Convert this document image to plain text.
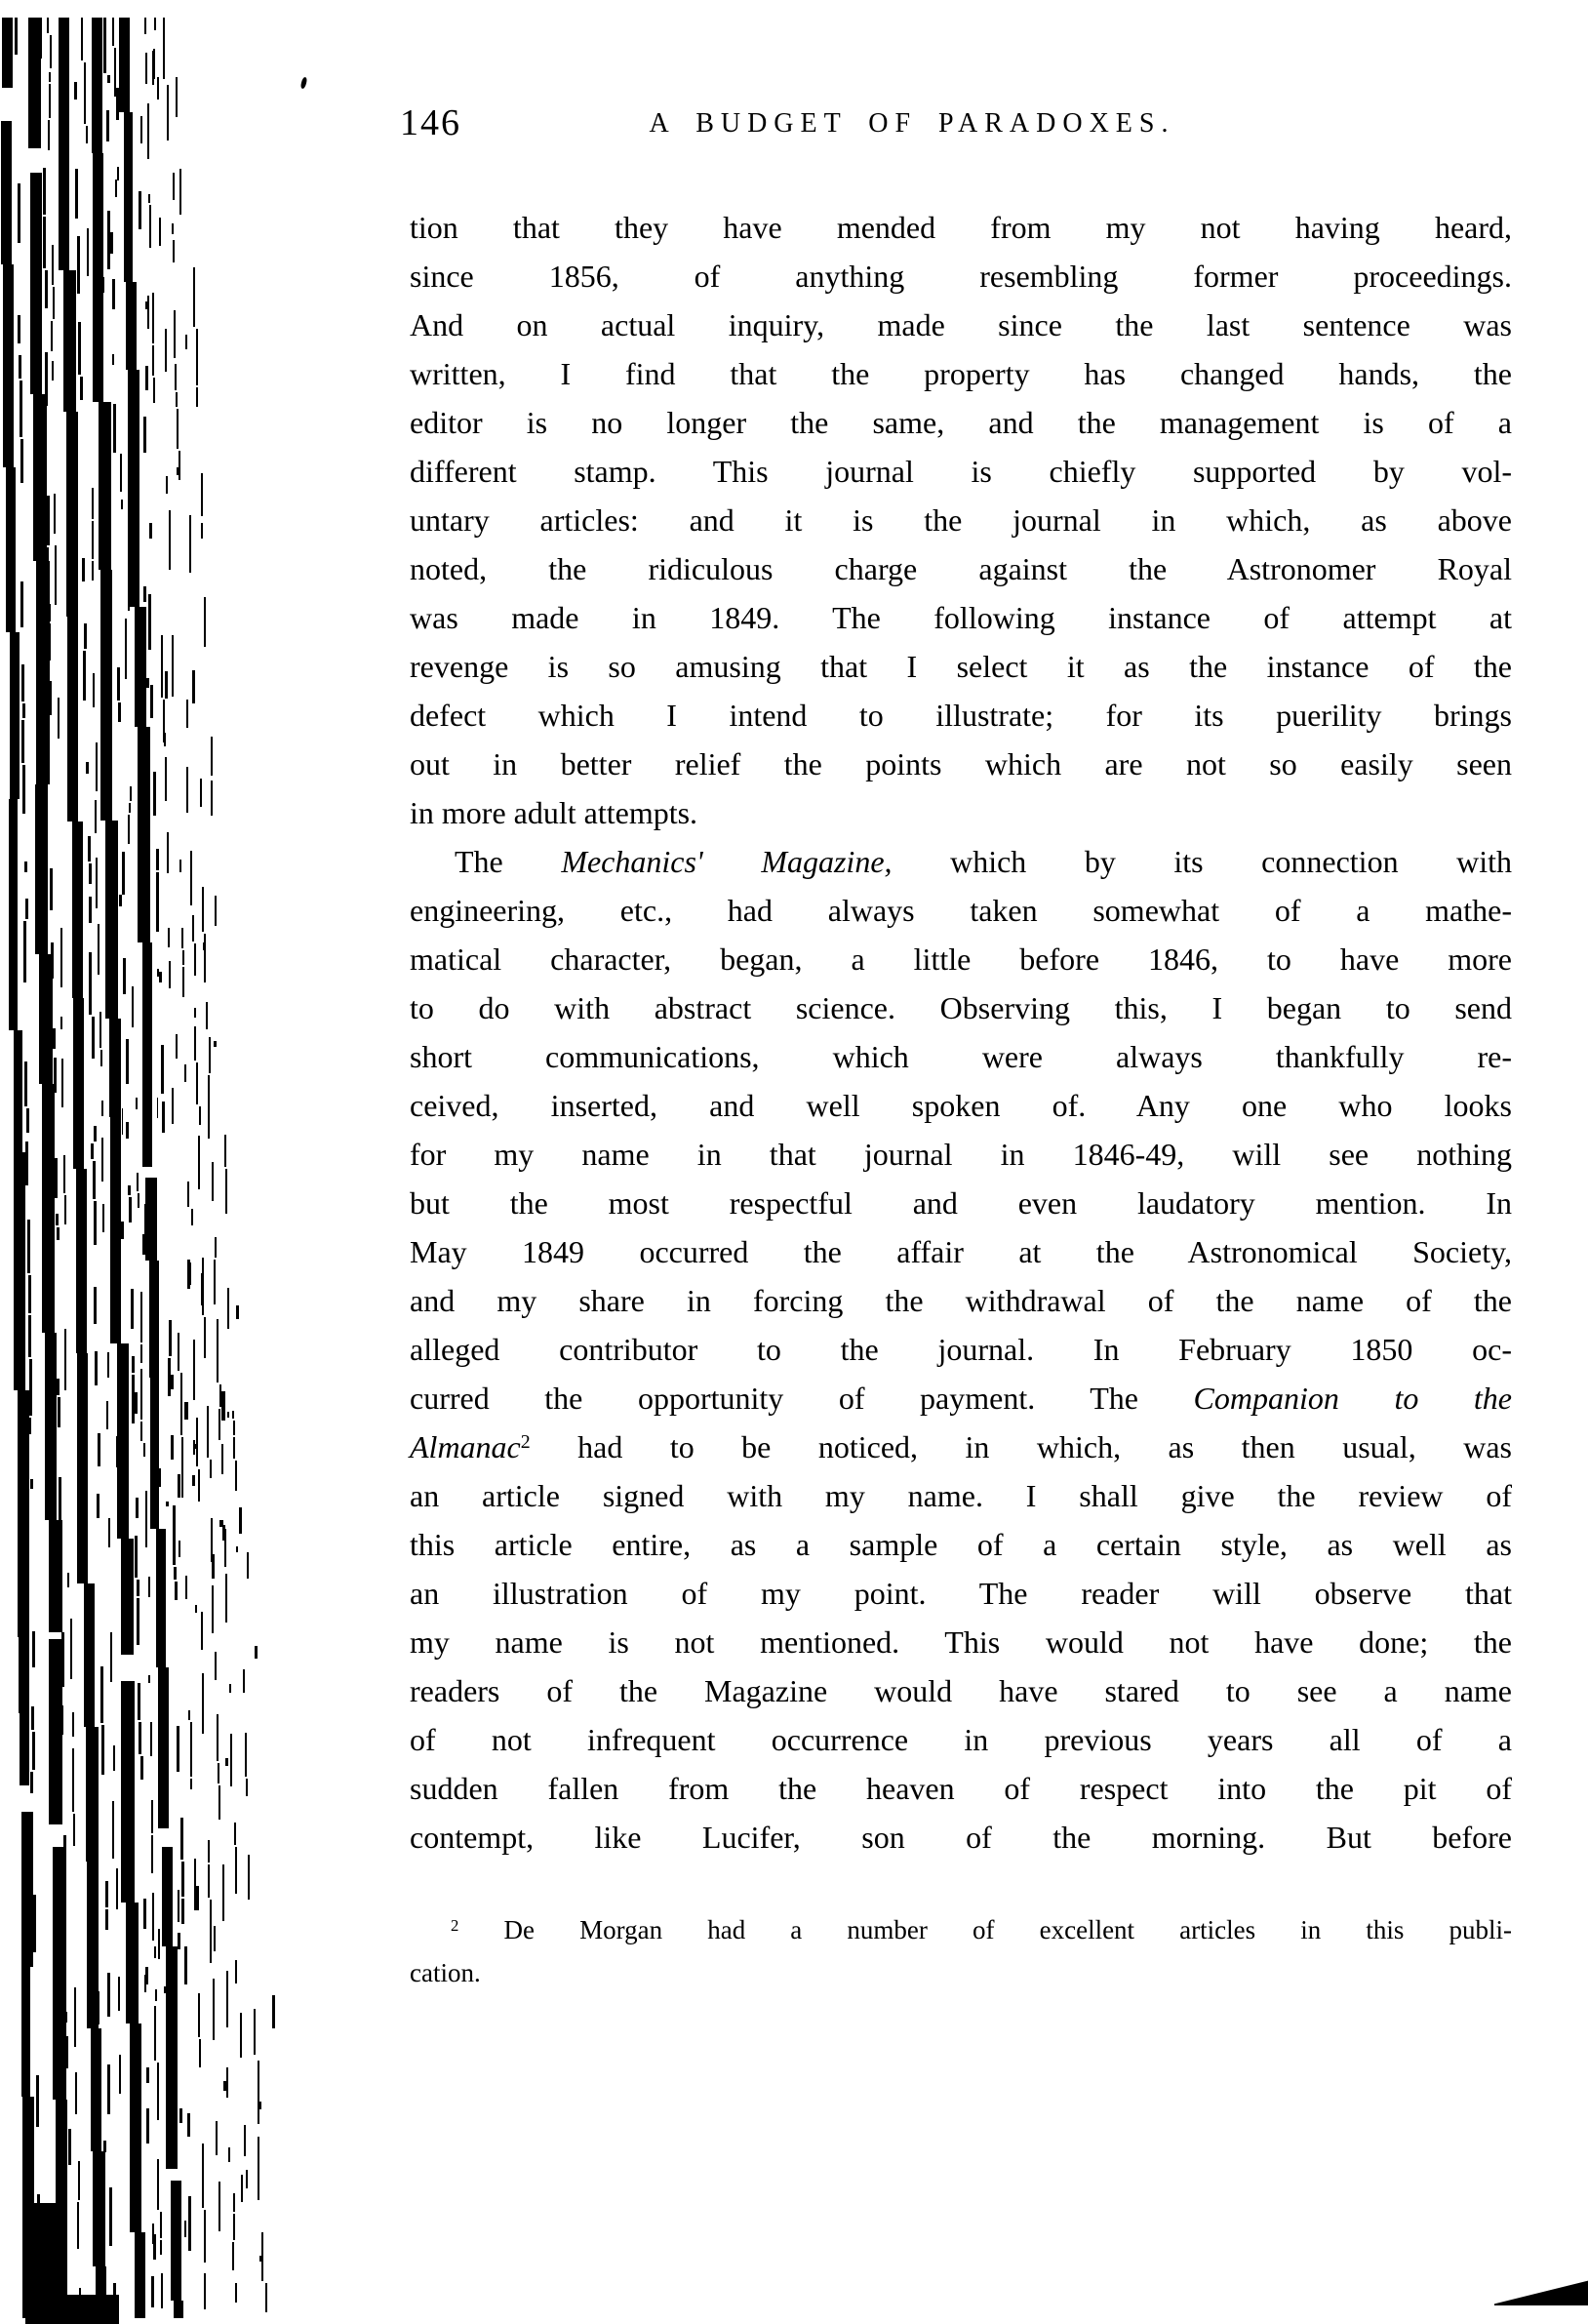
146	A BUDGET OF PARADOXES.
tion that they have mended from my not having heard,
since 1856, of anything resembling former proceedings.
And on actual inquiry, made since the last sentence was
written, I find that the property has changed hands, the
editor is no longer the same, and the management is of a
different stamp. This journal is chiefly supported by vol-
untary articles: and it is the journal in which, as above
noted, the ridiculous charge against the Astronomer Royal
was made in 1849. The following instance of attempt at
revenge is so amusing that I select it as the instance of the
defect which I intend to illustrate; for its puerility brings
out in better relief the points which are not so easily seen
in more adult attempts.
The Mechanics' Magazine, which by its connection with
engineering, etc., had always taken somewhat of a mathe-
matical character, began, a little before 1846, to have more
to do with abstract science. Observing this, I began to send
short communications, which were always thankfully re-
ceived, inserted, and well spoken of. Any one who looks
for my name in that journal in 1846-49, will see nothing
but the most respectful and even laudatory mention. In
May 1849 occurred the affair at the Astronomical Society,
and my share in forcing the withdrawal of the name of the
alleged contributor to the journal. In February 1850 oc-
curred the opportunity of payment. The Companion to the
Almanac$^2$ had to be noticed, in which, as then usual, was
an article signed with my name. I shall give the review of
this article entire, as a sample of a certain style, as well as
an illustration of my point. The reader will observe that
my name is not mentioned. This would not have done; the
readers of the Magazine would have stared to see a name
of not infrequent occurrence in previous years all of a
sudden fallen from the heaven of respect into the pit of
contempt, like Lucifer, son of the morning. But before
$^2$ De Morgan had a number of excellent articles in this publi-
cation.
